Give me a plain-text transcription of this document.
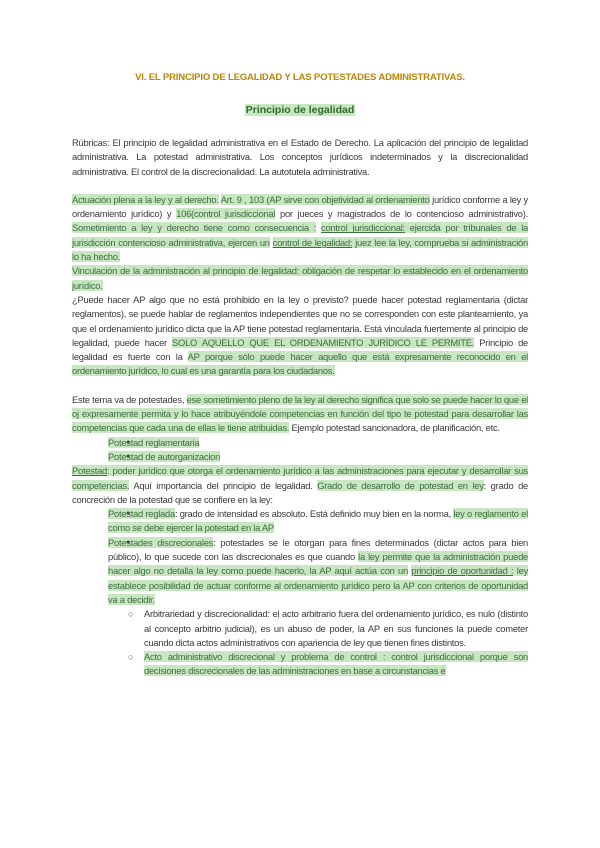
VI. EL PRINCIPIO DE LEGALIDAD Y LAS POTESTADES ADMINISTRATIVAS.
Principio de legalidad

Rúbricas: El principio de legalidad administrativa en el Estado de Derecho. La aplicación del principio de legalidad administrativa. La potestad administrativa. Los conceptos jurídicos indeterminados y la discrecionalidad administrativa. El control de la discrecionalidad. La autotutela administrativa.

Actuación plena a la ley y al derecho. Art. 9 , 103 (AP sirve con objetividad al ordenamiento jurídico conforme a ley y ordenamiento jurídico) y 106(control jurisdiccional por jueces y magistrados de lo contencioso administrativo). Sometimiento a ley y derecho tiene como consecuencia : control jurisdiccional: ejercida por tribunales de la jurisdicción contencioso administrativa, ejercen un control de legalidad: juez lee la ley, comprueba si administración lo ha hecho.

Vinculación de la administración al principio de legalidad: obligación de respetar lo establecido en el ordenamiento jurídico.

¿Puede hacer AP algo que no está prohibido en la ley o previsto? puede hacer potestad reglamentaria (dictar reglamentos), se puede hablar de reglamentos independientes que no se corresponden con este planteamiento, ya que el ordenamiento jurídico dicta que la AP tiene potestad reglamentaria. Está vinculada fuertemente al principio de legalidad, puede hacer SOLO AQUELLO QUE EL ORDENAMIENTO JURÍDICO LE PERMITE. Principio de legalidad es fuerte con la AP porque sólo puede hacer aquello que está expresamente reconocido en el ordenamiento jurídico, lo cual es una garantía para los ciudadanos.

Este tema va de potestades, ese sometimiento pleno de la ley al derecho significa que solo se puede hacer lo que el oj expresamente permita y lo hace atribuyéndole competencias en función del tipo te potestad para desarrollar las competencias que cada una de ellas le tiene atribuidas. Ejemplo potestad sancionadora, de planificación, etc.

● Potestad reglamentaria
● Potestad de autorganizacion

Potestad: poder jurídico que otorga el ordenamiento jurídico a las administraciones para ejecutar y desarrollar sus competencias. Aquí importancia del principio de legalidad. Grado de desarrollo de potestad en ley: grado de concreción de la potestad que se confiere en la ley:

● Potestad reglada: grado de intensidad es absoluto. Está definido muy bien en la norma, ley o reglamento el como se debe ejercer la potestad en la AP
● Potestades discrecionales: potestades se le otorgan para fines determinados (dictar actos para bien público), lo que sucede con las discrecionales es que cuando la ley permite que la administración puede hacer algo no detalla la ley como puede hacerlo, la AP aquí actúa con un principio de oportunidad : ley establece posibilidad de actuar conforme al ordenamiento jurídico pero la AP con criterios de oportunidad va a decidir.
○ Arbitrariedad y discrecionalidad: el acto arbitrario fuera del ordenamiento jurídico, es nulo (distinto al concepto arbitrio judicial), es un abuso de poder, la AP en sus funciones la puede cometer cuando dicta actos administrativos con apariencia de ley que tienen fines distintos.
○ Acto administrativo discrecional y problema de control : control jurisdiccional porque son decisiones discrecionales de las administraciones en base a circunstancias e
